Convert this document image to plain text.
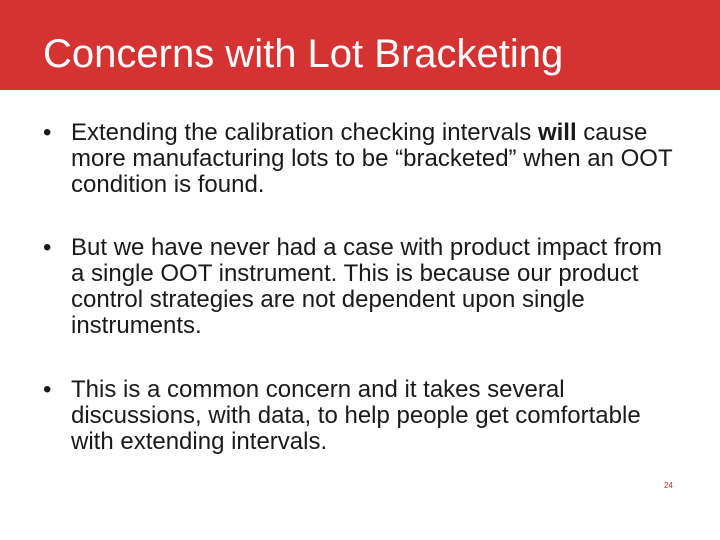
Concerns with Lot Bracketing
• Extending the calibration checking intervals will cause more manufacturing lots to be “bracketed” when an OOT condition is found.

• But we have never had a case with product impact from a single OOT instrument. This is because our product control strategies are not dependent upon single instruments.

• This is a common concern and it takes several discussions, with data, to help people get comfortable with extending intervals.

24
